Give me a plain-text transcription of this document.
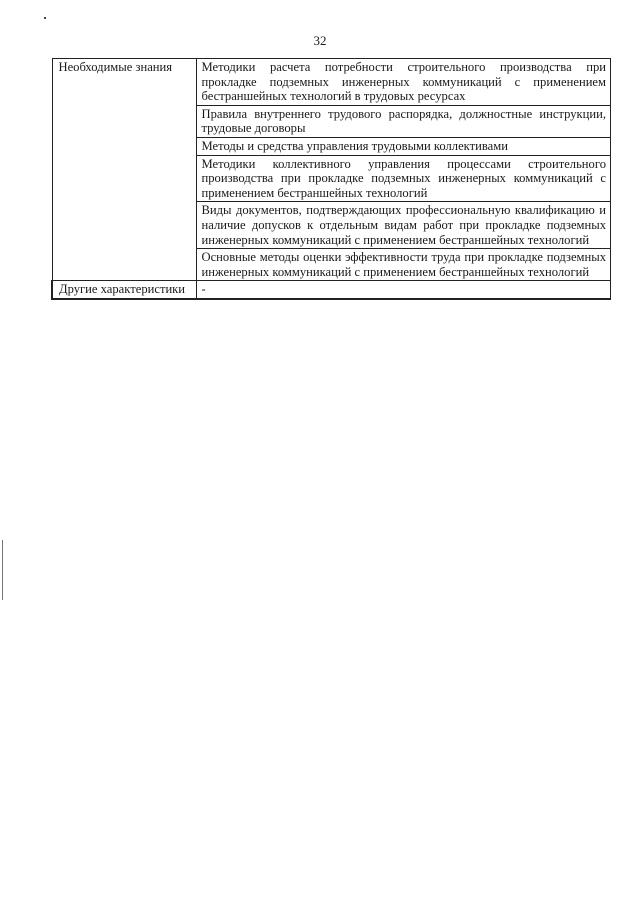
32
Необходимые знания	Методики расчета потребности строительного производства при прокладке подземных инженерных коммуникаций с применением бестраншейных технологий в трудовых ресурсах
	Правила внутреннего трудового распорядка, должностные инструкции, трудовые договоры
	Методы и средства управления трудовыми коллективами
	Методики коллективного управления процессами строительного производства при прокладке подземных инженерных коммуникаций с применением бестраншейных технологий
	Виды документов, подтверждающих профессиональную квалификацию и наличие допусков к отдельным видам работ при прокладке подземных инженерных коммуникаций с применением бестраншейных технологий
	Основные методы оценки эффективности труда при прокладке подземных инженерных коммуникаций с применением бестраншейных технологий
Другие характеристики	-
